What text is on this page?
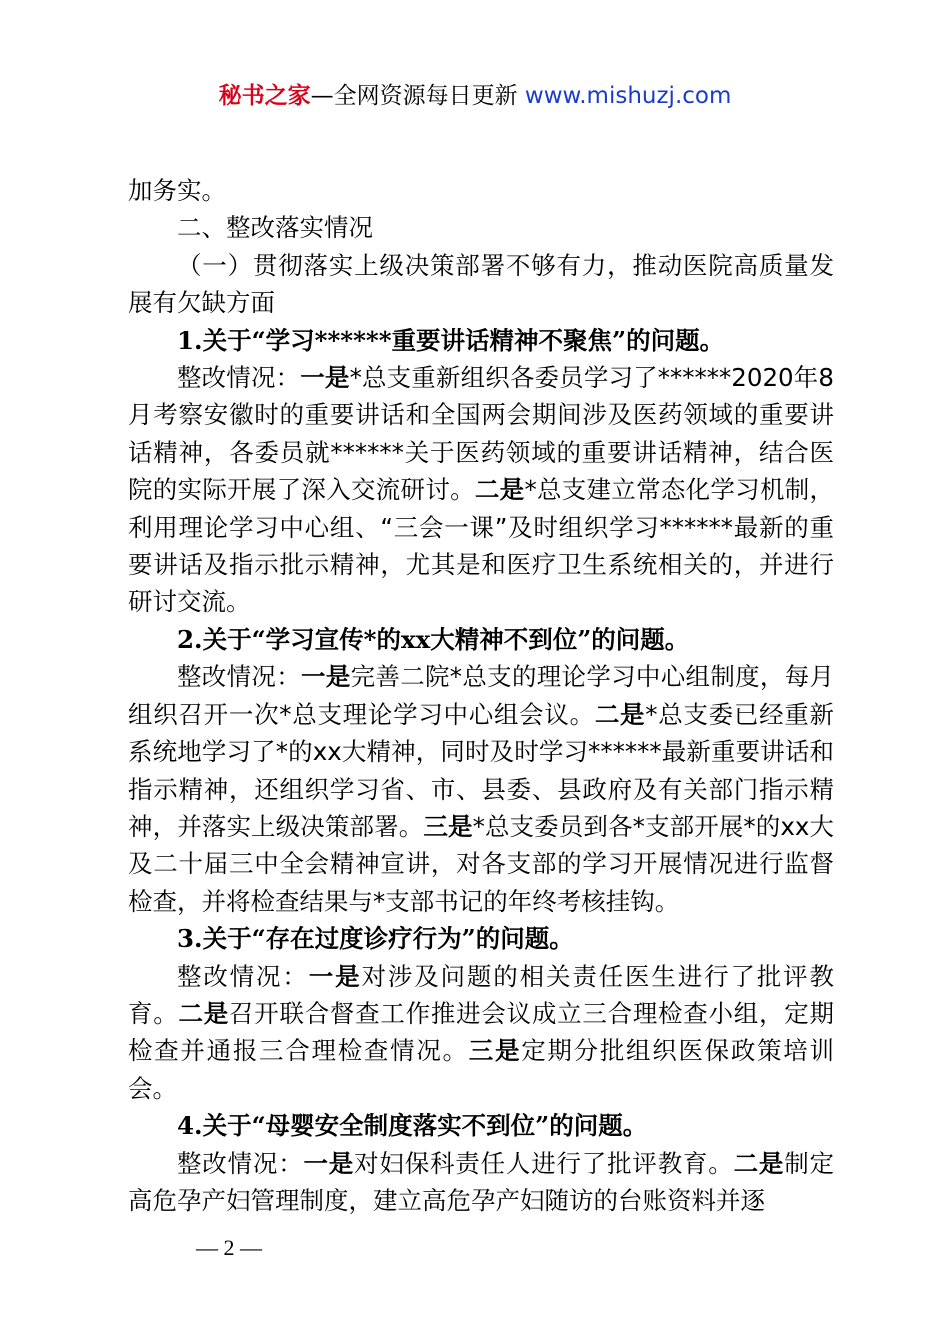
秘书之家—全网资源每日更新 www.mishuzj.com

加务实。

二、整改落实情况

（一）贯彻落实上级决策部署不够有力，推动医院高质量发展有欠缺方面

1.关于“学习******重要讲话精神不聚焦”的问题。

整改情况：一是*总支重新组织各委员学习了******2020年8月考察安徽时的重要讲话和全国两会期间涉及医药领域的重要讲话精神，各委员就******关于医药领域的重要讲话精神，结合医院的实际开展了深入交流研讨。二是*总支建立常态化学习机制，利用理论学习中心组、“三会一课”及时组织学习******最新的重要讲话及指示批示精神，尤其是和医疗卫生系统相关的，并进行研讨交流。

2.关于“学习宣传*的xx大精神不到位”的问题。

整改情况：一是完善二院*总支的理论学习中心组制度，每月组织召开一次*总支理论学习中心组会议。二是*总支委已经重新系统地学习了*的xx大精神，同时及时学习******最新重要讲话和指示精神，还组织学习省、市、县委、县政府及有关部门指示精神，并落实上级决策部署。三是*总支委员到各*支部开展*的xx大及二十届三中全会精神宣讲，对各支部的学习开展情况进行监督检查，并将检查结果与*支部书记的年终考核挂钩。

3.关于“存在过度诊疗行为”的问题。

整改情况：一是对涉及问题的相关责任医生进行了批评教育。二是召开联合督查工作推进会议成立三合理检查小组，定期检查并通报三合理检查情况。三是定期分批组织医保政策培训会。

4.关于“母婴安全制度落实不到位”的问题。

整改情况：一是对妇保科责任人进行了批评教育。二是制定高危孕产妇管理制度，建立高危孕产妇随访的台账资料并逐

— 2 —
